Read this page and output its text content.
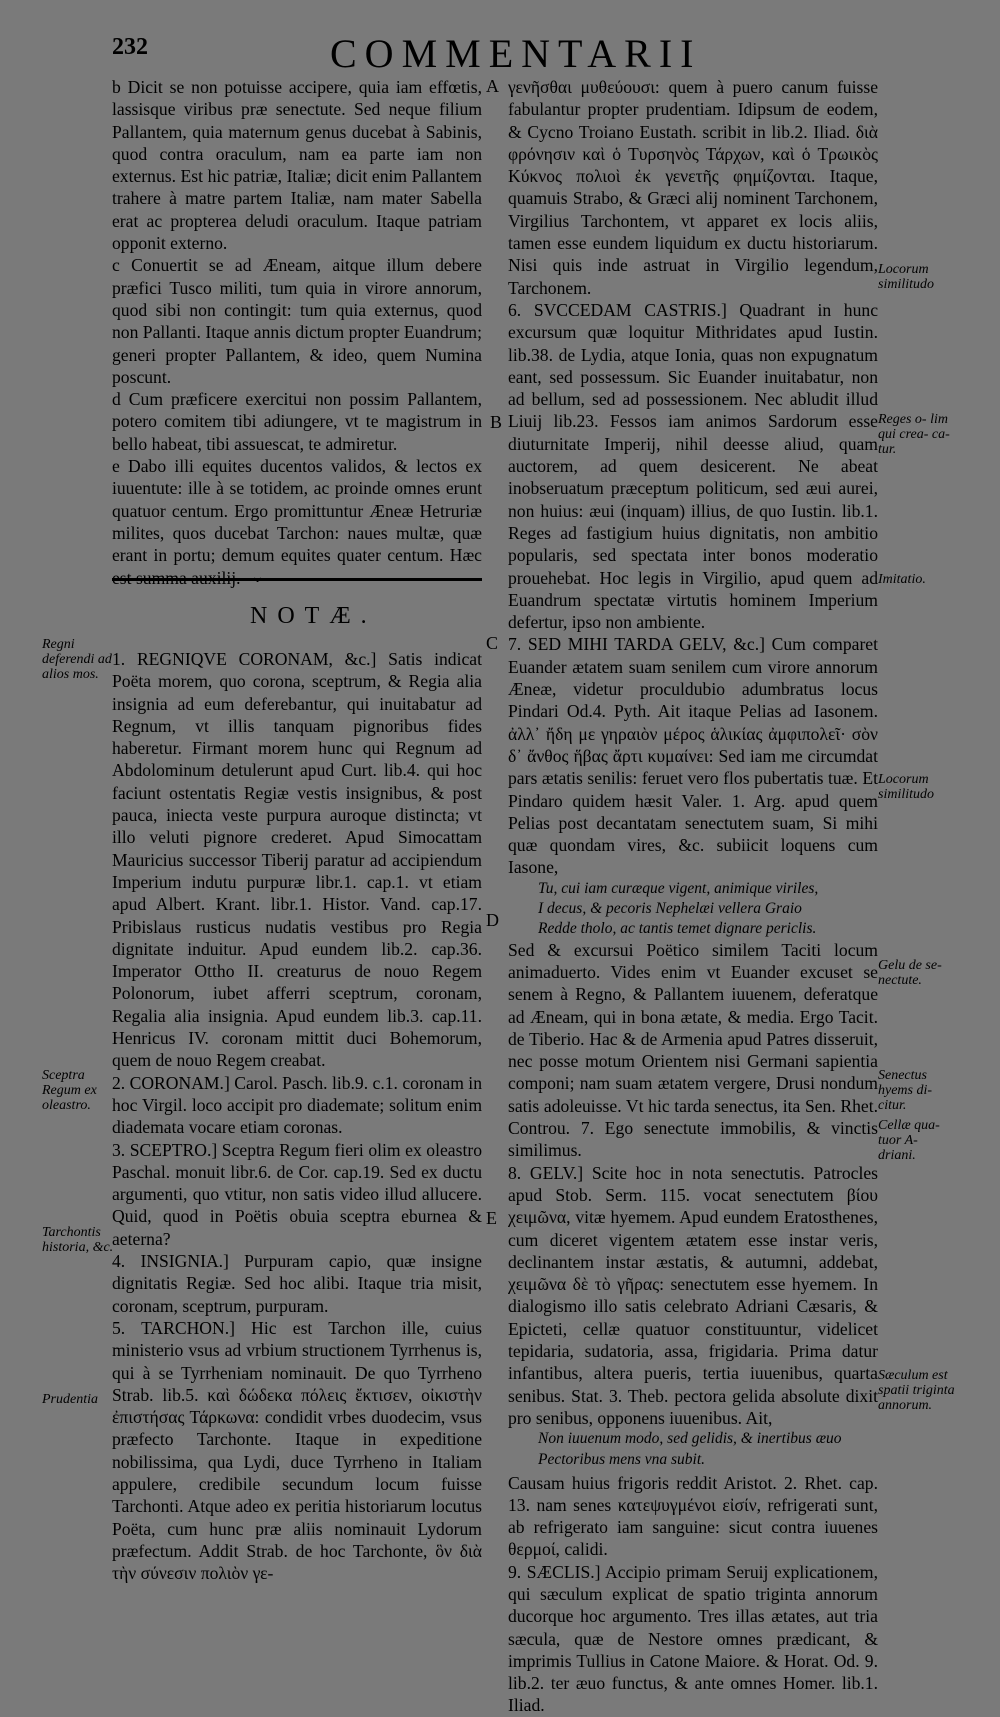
232	COMMENTARII
A
B
C
D
E

b Dicit se non potuisse accipere, quia iam effœtis, lassisque viribus præ senectute. Sed neque filium Pallantem, quia maternum genus ducebat à Sabinis, quod contra oraculum, nam ea parte iam non externus. Est hic patriæ, Italiæ; dicit enim Pallantem trahere à matre partem Italiæ, nam mater Sabella erat ac propterea deludi oraculum. Itaque patriam opponit externo.

c Conuertit se ad Æneam, aitque illum debere præfici Tusco militi, tum quia in virore annorum, quod sibi non contingit: tum quia externus, quod non Pallanti. Itaque annis dictum propter Euandrum; generi propter Pallantem, & ideo, quem Numina poscunt.

d Cum præficere exercitui non possim Pallantem, potero comitem tibi adiungere, vt te magistrum in bello habeat, tibi assuescat, te admiretur.

e Dabo illi equites ducentos validos, & lectos ex iuuentute: ille à se totidem, ac proinde omnes erunt quatuor centum. Ergo promittuntur Æneæ Hetruriæ milites, quos ducebat Tarchon: naues multæ, quæ erant in portu; demum equites quater centum. Hæc

⌄
NOTÆ.

1. REGNIQVE CORONAM, &c.] Satis indicat Poëta morem, quo corona, sceptrum, & Regia alia insignia ad eum deferebantur, qui inuitabatur ad Regnum, vt illis tanquam pignoribus fides haberetur. Firmant morem hunc qui Regnum ad Abdolominum detulerunt apud Curt. lib.4. qui hoc faciunt ostentatis Regiæ vestis insignibus, & post pauca, iniecta veste purpura auroque distincta; vt illo veluti pignore crederet. Apud Simocattam Mauricius successor Tiberij paratur ad accipiendum Imperium indutu purpuræ libr.1. cap.1. vt etiam apud Albert. Krant. libr.1. Histor. Vand. cap.17. Pribislaus rusticus nudatis vestibus pro Regia dignitate induitur. Apud eundem lib.2. cap.36. Imperator Ottho II. creaturus de nouo Regem Polonorum, iubet afferri sceptrum, coronam, Regalia alia insignia. Apud eundem lib.3. cap.11. Henricus IV. coronam mittit duci Bohemorum, quem de nouo Regem creabat.

2. CORONAM.] Carol. Pasch. lib.9. c.1. coronam in hoc Virgil. loco accipit pro diademate; solitum enim diademata vocare etiam coronas.

3. SCEPTRO.] Sceptra Regum fieri olim ex oleastro Paschal. monuit libr.6. de Cor. cap.19. Sed ex ductu argumenti, quo vtitur, non satis video illud allucere. Quid, quod in Poëtis obuia sceptra eburnea & aeterna?

4. INSIGNIA.] Purpuram capio, quæ insigne dignitatis Regiæ. Sed hoc alibi. Itaque tria misit, coronam, sceptrum, purpuram.

5. TARCHON.] Hic est Tarchon ille, cuius ministerio vsus ad vrbium structionem Tyrrhenus is, qui à se Tyrrheniam nominauit. De quo Tyrrheno Strab. lib.5. καὶ δώδεκα πόλεις ἔκτισεν, οἰκιστὴν ἐπιστήσας Τάρκωνα: condidit vrbes duodecim, vsus præfecto Tarchonte. Itaque in expeditione nobilissima, qua Lydi, duce Tyrrheno in Italiam appulere, credibile secundum locum fuisse Tarchonti. Atque adeo ex peritia historiarum locutus Poëta, cum hunc præ aliis nominauit Lydorum præfectum. Addit Strab. de hoc Tarchonte, ὃν διὰ τὴν σύνεσιν πολιὸν γε-

γενῆσθαι μυθεύουσι: quem à puero canum fuisse fabulantur propter prudentiam. Idipsum de eodem, & Cycno Troiano Eustath. scribit in lib.2. Iliad. διὰ φρόνησιν καὶ ὁ Τυρσηνὸς Τάρχων, καὶ ὁ Τρωικὸς Κύκνος πολιοὶ ἐκ γενετῆς φημίζονται. Itaque, quamuis Strabo, & Græci alij nominent Tarchonem, Virgilius Tarchontem, vt apparet ex locis aliis, tamen esse eundem liquidum ex ductu historiarum. Nisi quis inde astruat in Virgilio legendum, Tarchonem.

6. SVCCEDAM CASTRIS.] Quadrant in hunc excursum quæ loquitur Mithridates apud Iustin. lib.38. de Lydia, atque Ionia, quas non expugnatum eant, sed possessum. Sic Euander inuitabatur, non ad bellum, sed ad possessionem. Nec abludit illud Liuij lib.23. Fessos iam animos Sardorum esse diuturnitate Imperij, nihil deesse aliud, quam auctorem, ad quem desicerent. Ne abeat inobseruatum præceptum politicum, sed æui aurei, non huius: æui (inquam) illius, de quo Iustin. lib.1. Reges ad fastigium huius dignitatis, non ambitio popularis, sed spectata inter bonos moderatio prouehebat. Hoc legis in Virgilio, apud quem ad Euandrum spectatæ virtutis hominem Imperium defertur, ipso non ambiente.

7. SED MIHI TARDA GELV, &c.] Cum comparet Euander ætatem suam senilem cum virore annorum Æneæ, videtur proculdubio adumbratus locus Pindari Od.4. Pyth. Ait itaque Pelias ad Iasonem. ἀλλ᾽ ἤδη με γηραιὸν μέρος ἁλικίας ἀμφιπολεῖ· σὸν δ᾽ ἄνθος ἥβας ἄρτι κυμαίνει: Sed iam me circumdat pars ætatis senilis: feruet vero flos pubertatis tuæ. Et Pindaro quidem hæsit Valer. 1. Arg. apud quem Pelias post decantatam senectutem suam, Si mihi quæ quondam vires, &c. subiicit loquens cum Iasone,

Tu, cui iam curæque vigent, animique viriles,

I decus, & pecoris Nephelæi vellera Graio

Redde tholo, ac tantis temet dignare periclis.

Sed & excursui Poëtico similem Taciti locum animaduerto. Vides enim vt Euander excuset se senem à Regno, & Pallantem iuuenem, deferatque ad Æneam, qui in bona ætate, & media. Ergo Tacit. de Tiberio. Hac & de Armenia apud Patres disseruit, nec posse motum Orientem nisi Germani sapientia componi; nam suam ætatem vergere, Drusi nondum satis adoleuisse. Vt hic tarda senectus, ita Sen. Rhet. Controu. 7. Ego senectute immobilis, & vinctis similimus.

8. GELV.] Scite hoc in nota senectutis. Patrocles apud Stob. Serm. 115. vocat senectutem βίου χειμῶνα, vitæ hyemem. Apud eundem Eratosthenes, cum diceret vigentem ætatem esse instar veris, declinantem instar æstatis, & autumni, addebat, χειμῶνα δὲ τὸ γῆρας: senectutem esse hyemem. In dialogismo illo satis celebrato Adriani Cæsaris, & Epicteti, cellæ quatuor constituuntur, videlicet tepidaria, sudatoria, assa, frigidaria. Prima datur infantibus, altera pueris, tertia iuuenibus, quarta senibus. Stat. 3. Theb. pectora gelida absolute dixit pro senibus, opponens iuuenibus. Ait,

Non iuuenum modo, sed gelidis, & inertibus æuo

Pectoribus mens vna subit.

Causam huius frigoris reddit Aristot. 2. Rhet. cap. 13. nam senes κατεψυγμένοι εἰσίν, refrigerati sunt, ab refrigerato iam sanguine: sicut contra iuuenes θερμοί, calidi.

9. SÆCLIS.] Accipio primam Seruij explicationem, qui sæculum explicat de spatio triginta annorum ducorque hoc argumento. Tres illas ætates, aut tria sæcula, quæ de Nestore omnes prædicant, & imprimis Tullius in Catone Maiore. & Horat. Od. 9. lib.2. ter æuo functus, & ante omnes Homer. lib.1. Iliad.

Regni deferendi ad alios mos.
Sceptra Regum ex oleastro.
Tarchontis historia, &c.
Prudentia
Locorum similitudo
Reges o- lim qui crea- ca- tur.
Imitatio.
Locorum similitudo
Gelu de se- nectute.
Senectus hyems di- citur.
Cellæ qua- tuor A- driani.
Sæculum est spatii triginta annorum.
